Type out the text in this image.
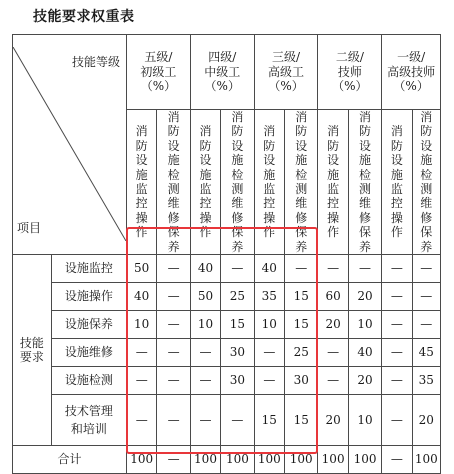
技能要求权重表
技能等级
项目		五级/
初级工
（%）		四级/
中级工
（%）		三级/
高级工
（%）		二级/
技师
（%）		一级/
高级技师
（%）	
		消防设施监控操作	消防设施检测维修保养	消防设施监控操作	消防设施检测维修保养	消防设施监控操作	消防设施检测维修保养	消防设施监控操作	消防设施检测维修保养	消防设施监控操作	消防设施检测维修保养
技能要求	设施监控	50	—	40	—	40	—	—	—	—	—
	设施操作	40	—	50	25	35	15	60	20	—	—
	设施保养	10	—	10	15	10	15	20	10	—	—
	设施维修	—	—	—	30	—	25	—	40	—	45
	设施检测	—	—	—	30	—	30	—	20	—	35
	技术管理
和培训	—	—	—	—	15	15	20	10	—	20
合计		100	—	100	100	100	100	100	100	—	100
